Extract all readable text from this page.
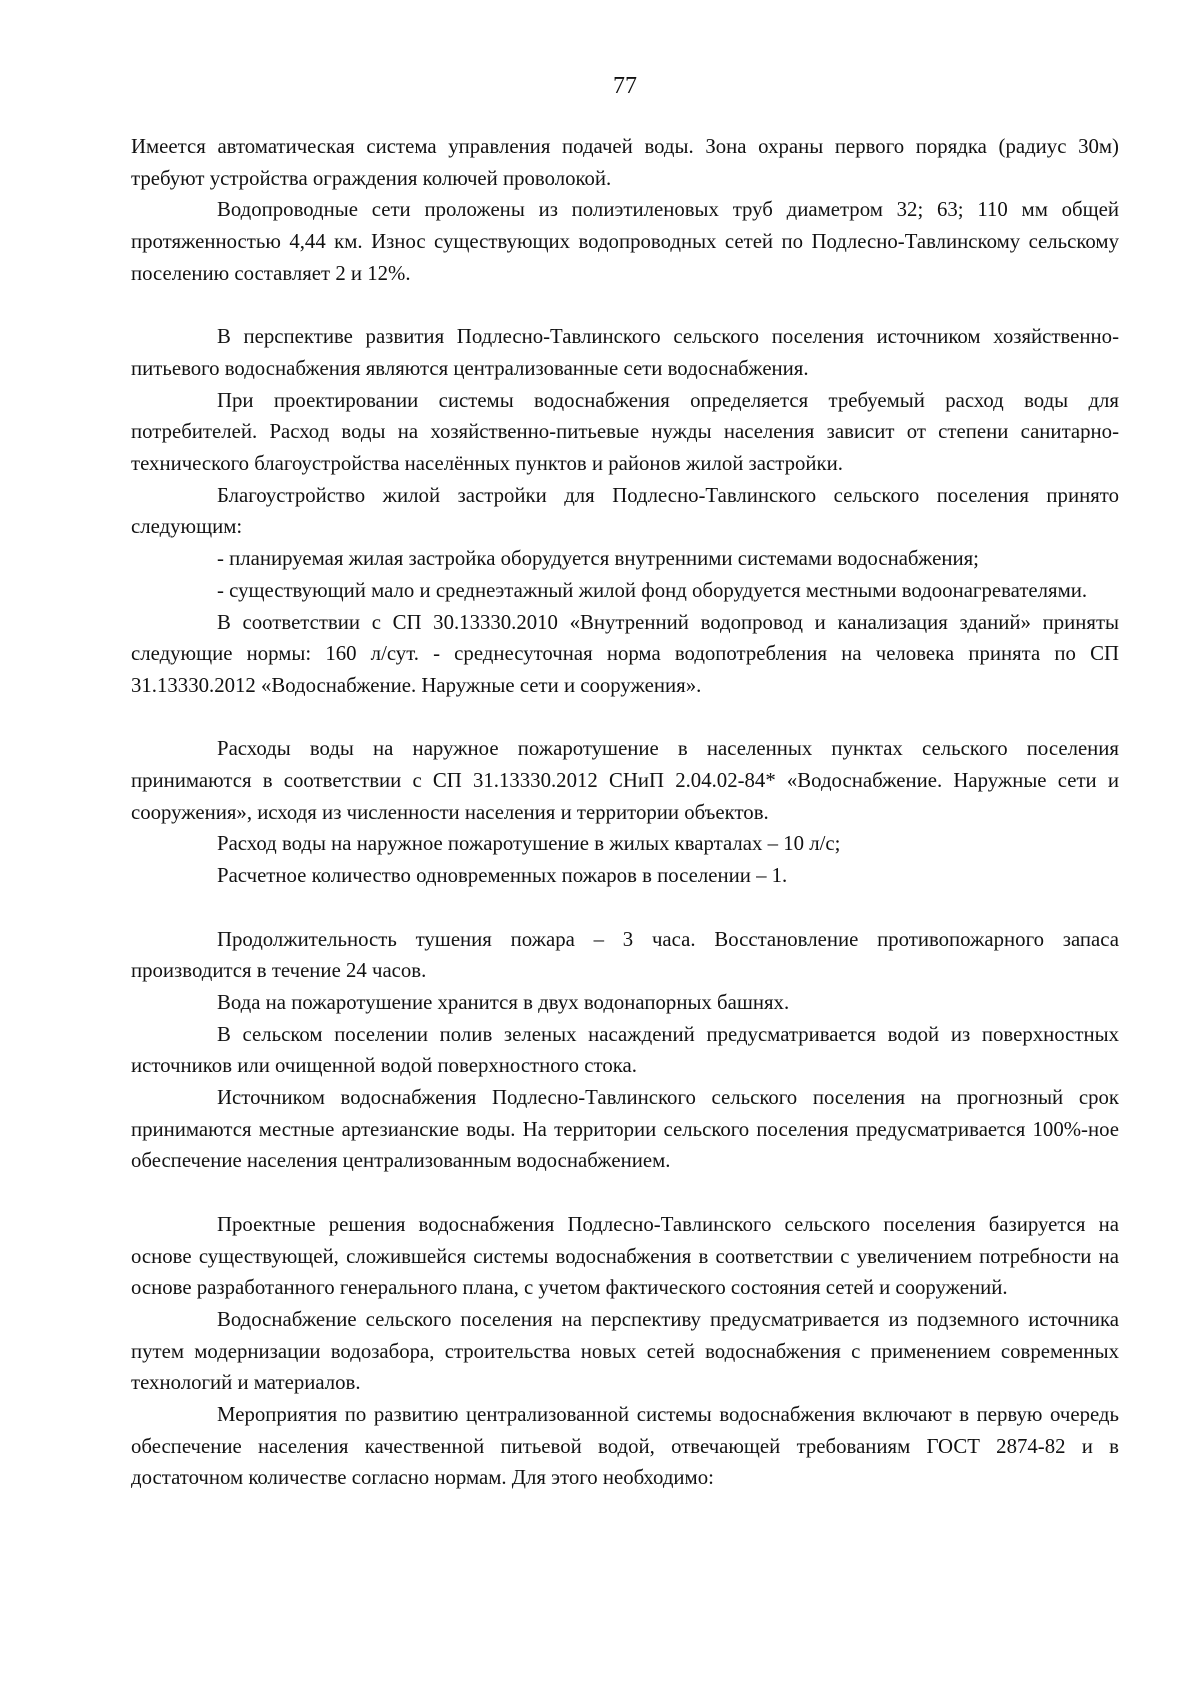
77

Имеется автоматическая система управления подачей воды. Зона охраны первого порядка (радиус 30м) требуют устройства ограждения колючей проволокой.

Водопроводные сети проложены из полиэтиленовых труб диаметром 32; 63; 110 мм общей протяженностью 4,44 км. Износ существующих водопроводных сетей по Подлесно-Тавлинскому сельскому поселению составляет 2 и 12%.

В перспективе развития Подлесно-Тавлинского сельского поселения источником хозяйственно-питьевого водоснабжения являются централизованные сети водоснабжения.

При проектировании системы водоснабжения определяется требуемый расход воды для потребителей. Расход воды на хозяйственно-питьевые нужды населения зависит от степени санитарно-технического благоустройства населённых пунктов и районов жилой застройки.

Благоустройство жилой застройки для Подлесно-Тавлинского сельского поселения принято следующим:

- планируемая жилая застройка оборудуется внутренними системами водоснабжения;

- существующий мало и среднеэтажный жилой фонд оборудуется местными водоонагревателями.

В соответствии с СП 30.13330.2010 «Внутренний водопровод и канализация зданий» приняты следующие нормы: 160 л/сут. - среднесуточная норма водопотребления на человека принята по СП 31.13330.2012 «Водоснабжение. Наружные сети и сооружения».

Расходы воды на наружное пожаротушение в населенных пунктах сельского поселения принимаются в соответствии с СП 31.13330.2012 СНиП 2.04.02-84* «Водоснабжение. Наружные сети и сооружения», исходя из численности населения и территории объектов.

Расход воды на наружное пожаротушение в жилых кварталах – 10 л/с;

Расчетное количество одновременных пожаров в поселении – 1.

Продолжительность тушения пожара – 3 часа. Восстановление противопожарного запаса производится в течение 24 часов.

Вода на пожаротушение хранится в двух водонапорных башнях.

В сельском поселении полив зеленых насаждений предусматривается водой из поверхностных источников или очищенной водой поверхностного стока.

Источником водоснабжения Подлесно-Тавлинского сельского поселения на прогнозный срок принимаются местные артезианские воды. На территории сельского поселения предусматривается 100%-ное обеспечение населения централизованным водоснабжением.

Проектные решения водоснабжения Подлесно-Тавлинского сельского поселения базируется на основе существующей, сложившейся системы водоснабжения в соответствии с увеличением потребности на основе разработанного генерального плана, с учетом фактического состояния сетей и сооружений.

Водоснабжение сельского поселения на перспективу предусматривается из подземного источника путем модернизации водозабора, строительства новых сетей водоснабжения с применением современных технологий и материалов.

Мероприятия по развитию централизованной системы водоснабжения включают в первую очередь обеспечение населения качественной питьевой водой, отвечающей требованиям ГОСТ 2874-82 и в достаточном количестве согласно нормам. Для этого необходимо:
